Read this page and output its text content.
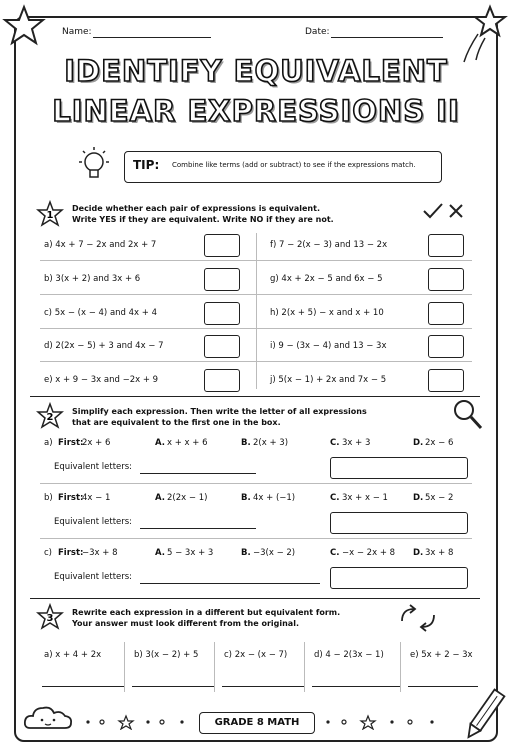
Name:	Date:
IDENTIFY EQUIVALENT
LINEAR EXPRESSIONS II
TIP: Combine like terms (add or subtract) to see if the expressions match.
1
Decide whether each pair of expressions is equivalent.
Write YES if they are equivalent. Write NO if they are not.
a) 4x + 7 − 2x and 2x + 7	f) 7 − 2(x − 3) and 13 − 2x
b) 3(x + 2) and 3x + 6	g) 4x + 2x − 5 and 6x − 5
c) 5x − (x − 4) and 4x + 4	h) 2(x + 5) − x and x + 10
d) 2(2x − 5) + 3 and 4x − 7	i) 9 − (3x − 4) and 13 − 3x
e) x + 9 − 3x and −2x + 9	j) 5(x − 1) + 2x and 7x − 5
2
Simplify each expression. Then write the letter of all expressions
that are equivalent to the first one in the box.
a) First:
2x + 6	A. x + x + 6	B. 2(x + 3)	C. 3x + 3	D. 2x − 6
Equivalent letters:
b) First:
4x − 1	A. 2(2x − 1)	B. 4x + (−1)	C. 3x + x − 1	D. 5x − 2
Equivalent letters:
c) First:
−3x + 8	A. 5 − 3x + 3	B. −3(x − 2)	C. −x − 2x + 8 D. 3x + 8
Equivalent letters:
3
Rewrite each expression in a different but equivalent form.
Your answer must look different from the original.
a) x + 4 + 2x	b) 3(x − 2) + 5	c) 2x − (x − 7)	d) 4 − 2(3x − 1)	e) 5x + 2 − 3x
GRADE 8 MATH
